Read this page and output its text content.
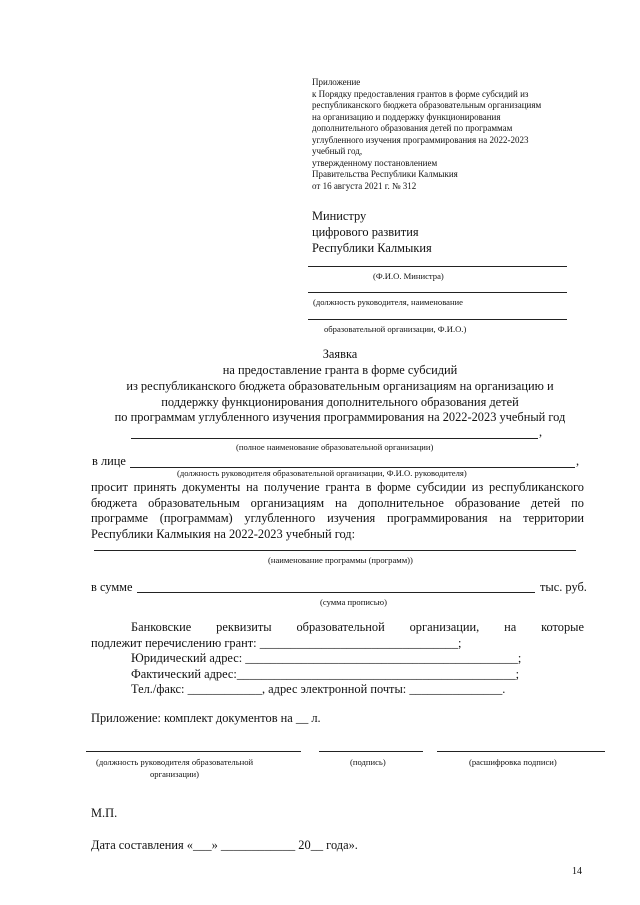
Приложение
к Порядку предоставления грантов в форме субсидий из
республиканского бюджета образовательным организациям
на организацию и поддержку функционирования
дополнительного образования детей по программам
углубленного изучения программирования на 2022-2023
учебный год,
утвержденному постановлением
Правительства Республики Калмыкия
от 16 августа 2021 г. № 312
Министру
цифрового развития
Республики Калмыкия
(Ф.И.О. Министра)
(должность руководителя, наименование
образовательной организации, Ф.И.О.)
Заявка
на предоставление гранта в форме субсидий
из республиканского бюджета образовательным организациям на организацию и
поддержку функционирования дополнительного образования детей
по программам углубленного изучения программирования на 2022-2023 учебный год
,
(полное наименование образовательной организации)
в лице	,
(должность руководителя образовательной организации, Ф.И.О. руководителя)
просит принять документы на получение гранта в форме субсидии из республиканского
бюджета образовательным организациям на дополнительное образование детей по
программе (программам) углубленного изучения программирования на территории
Республики Калмыкия на 2022-2023 учебный год:
(наименование программы (программ))
в сумме	тыс. руб.
(сумма прописью)
Банковские реквизиты образовательной организации, на которые
подлежит перечислению грант: ________________________________;
Юридический адрес: ____________________________________________;
Фактический адрес:_____________________________________________;
Тел./факс: ____________, адрес электронной почты: _______________.
Приложение: комплект документов на __ л.
(должность руководителя образовательной
организации)
(подпись)	(расшифровка подписи)
М.П.
Дата составления «___» ____________ 20__ года».
14
